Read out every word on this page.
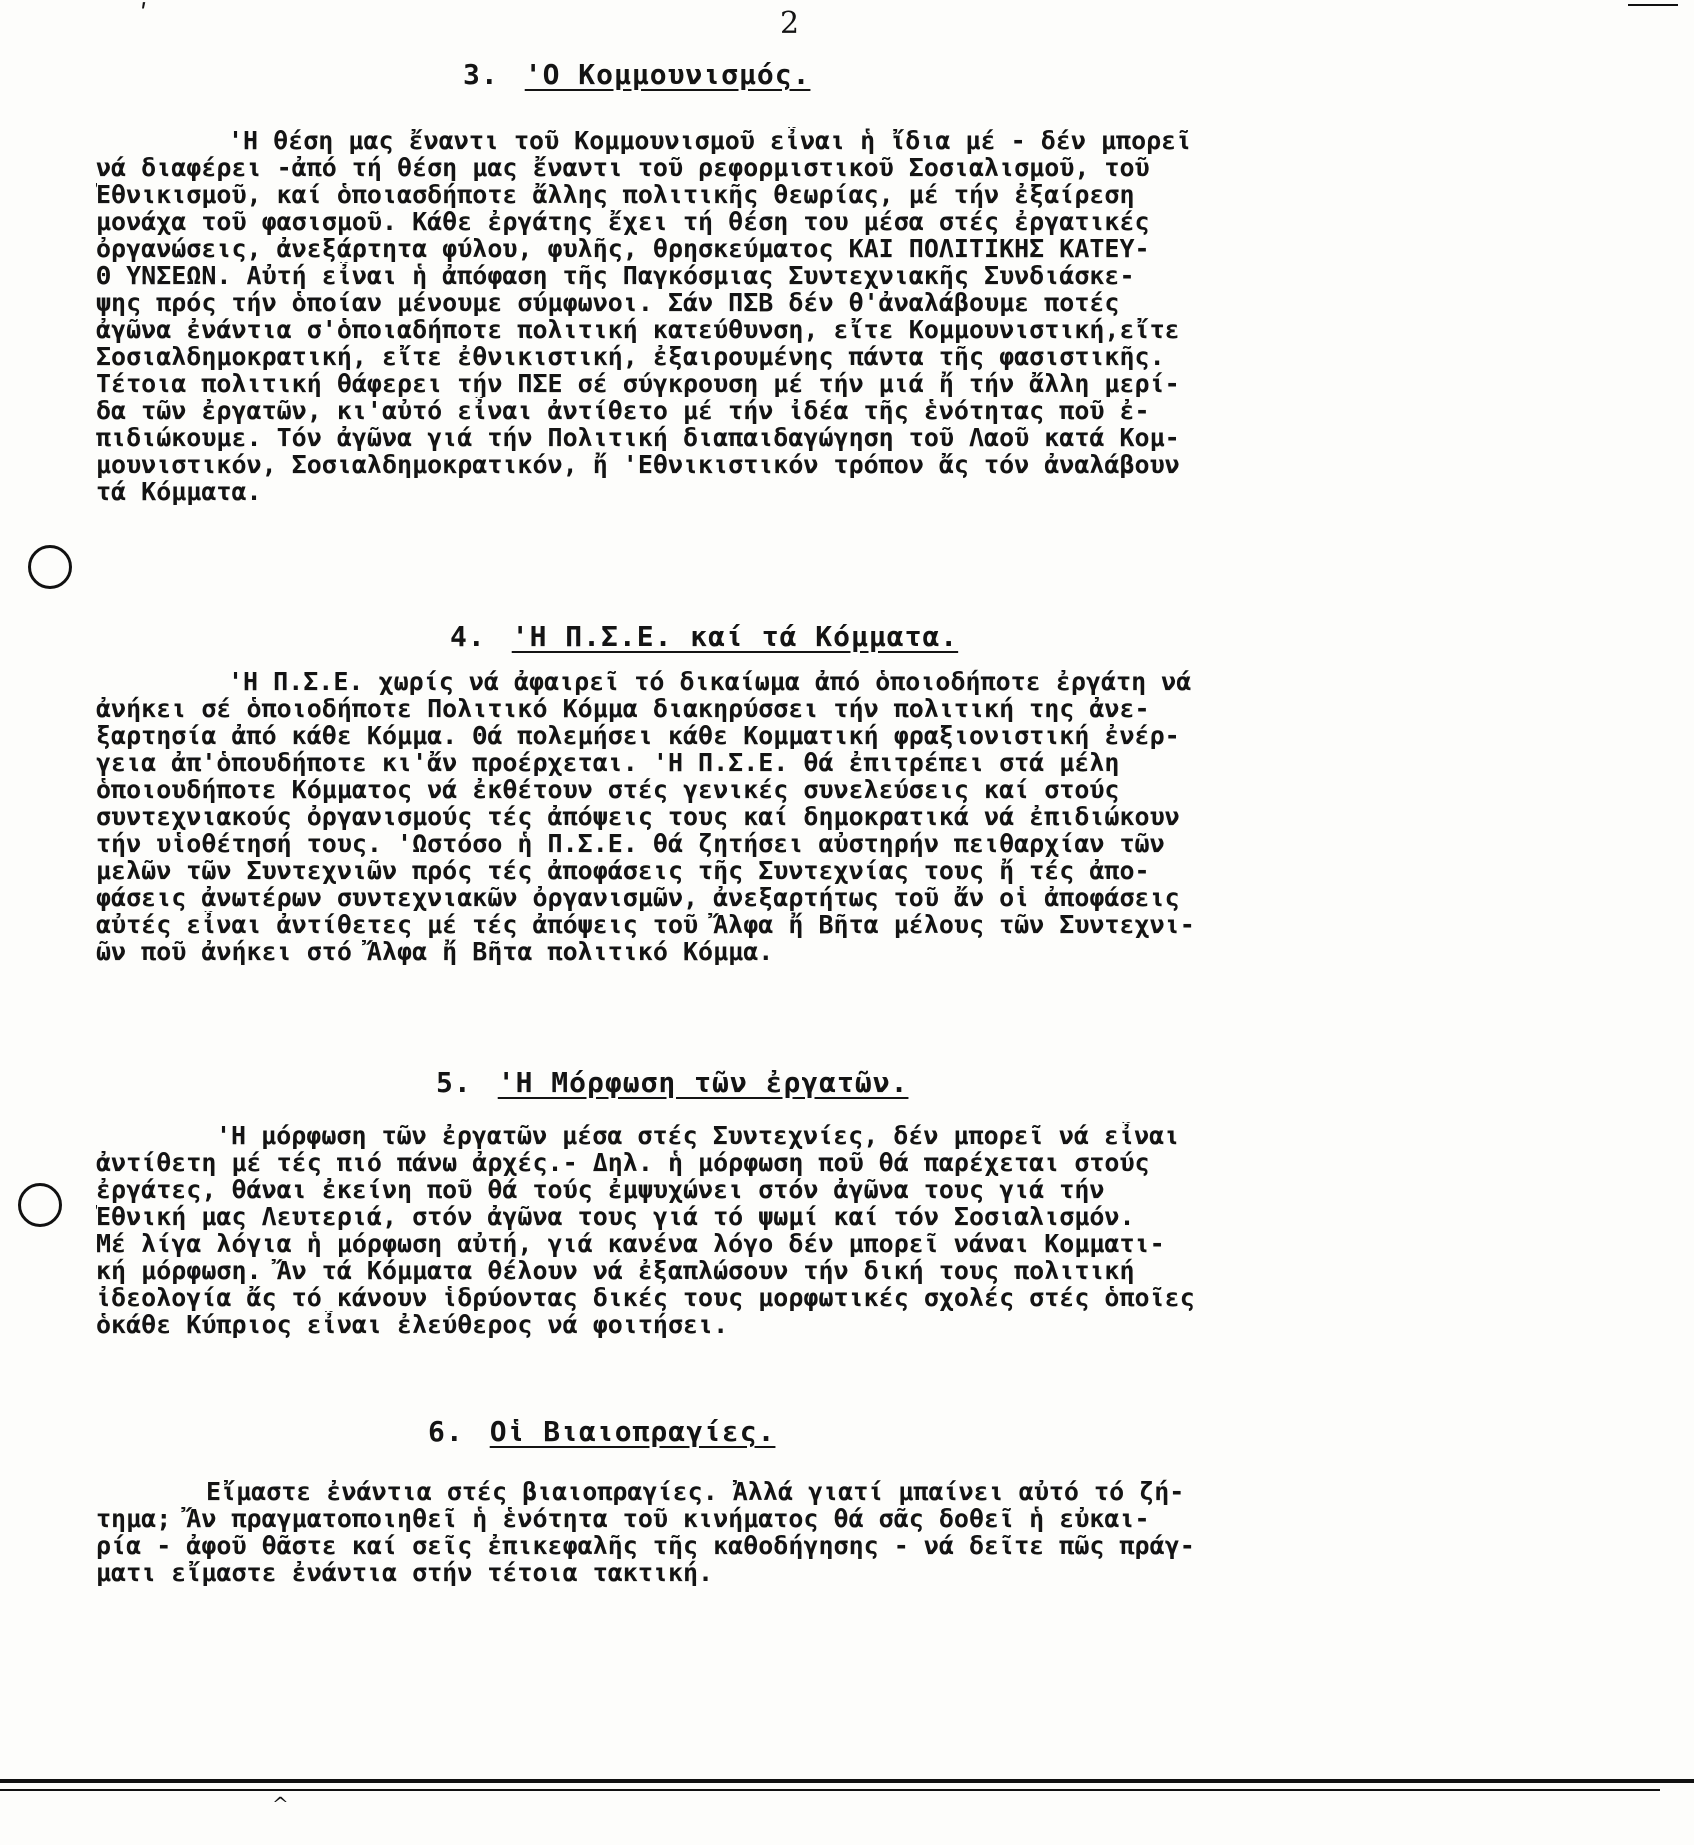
2
ʹ
3. 'Ο Κομμουνισμός.
'Η θέση μας ἔναντι τοῦ Κομμουνισμοῦ εἶναι ἡ ἴδια μέ - δέν μπορεῖ
νά διαφέρει -ἀπό τή θέση μας ἔναντι τοῦ ρεφορμιστικοῦ Σοσιαλισμοῦ, τοῦ
Ἐθνικισμοῦ, καί ὁποιασδήποτε ἄλλης πολιτικῆς θεωρίας, μέ τήν ἐξαίρεση
μονάχα τοῦ φασισμοῦ. Κάθε ἐργάτης ἔχει τή θέση του μέσα στές ἐργατικές
ὀργανώσεις, ἀνεξάρτητα φύλου, φυλῆς, θρησκεύματος ΚΑΙ ΠΟΛΙΤΙΚΗΣ ΚΑΤΕΥ-
Θ ΥΝΣΕΩΝ. Αὐτή εἶναι ἡ ἀπόφαση τῆς Παγκόσμιας Συντεχνιακῆς Συνδιάσκε-
ψης πρός τήν ὁποίαν μένουμε σύμφωνοι. Σάν ΠΣΒ δέν θ'ἀναλάβουμε ποτές
ἀγῶνα ἐνάντια σ'ὁποιαδήποτε πολιτική κατεύθυνση, εἴτε Κομμουνιστική,εἴτε
Σοσιαλδημοκρατική, εἴτε ἐθνικιστική, ἐξαιρουμένης πάντα τῆς φασιστικῆς.
Τέτοια πολιτική θάφερει τήν ΠΣΕ σέ σύγκρουση μέ τήν μιά ἤ τήν ἄλλη μερί-
δα τῶν ἐργατῶν, κι'αὐτό εἶναι ἀντίθετο μέ τήν ἰδέα τῆς ἑνότητας ποῦ ἐ-
πιδιώκουμε. Τόν ἀγῶνα γιά τήν Πολιτική διαπαιδαγώγηση τοῦ Λαοῦ κατά Κομ-
μουνιστικόν, Σοσιαλδημοκρατικόν, ἤ 'Εθνικιστικόν τρόπον ἄς τόν ἀναλάβουν
τά Κόμματα.
4. 'Η Π.Σ.Ε. καί τά Κόμματα.
'Η Π.Σ.Ε. χωρίς νά ἀφαιρεῖ τό δικαίωμα ἀπό ὁποιοδήποτε ἐργάτη νά
ἀνήκει σέ ὁποιοδήποτε Πολιτικό Κόμμα διακηρύσσει τήν πολιτική της ἀνε-
ξαρτησία ἀπό κάθε Κόμμα. Θά πολεμήσει κάθε Κομματική φραξιονιστική ἐνέρ-
γεια ἀπ'ὁπουδήποτε κι'ἄν προέρχεται. 'Η Π.Σ.Ε. θά ἐπιτρέπει στά μέλη
ὁποιουδήποτε Κόμματος νά ἐκθέτουν στές γενικές συνελεύσεις καί στούς
συντεχνιακούς ὀργανισμούς τές ἀπόψεις τους καί δημοκρατικά νά ἐπιδιώκουν
τήν υἱοθέτησή τους. 'Ωστόσο ἡ Π.Σ.Ε. θά ζητήσει αὐστηρήν πειθαρχίαν τῶν
μελῶν τῶν Συντεχνιῶν πρός τές ἀποφάσεις τῆς Συντεχνίας τους ἤ τές ἀπο-
φάσεις ἀνωτέρων συντεχνιακῶν ὀργανισμῶν, ἀνεξαρτήτως τοῦ ἄν οἱ ἀποφάσεις
αὐτές εἶναι ἀντίθετες μέ τές ἀπόψεις τοῦ Ἄλφα ἤ Βῆτα μέλους τῶν Συντεχνι-
ῶν ποῦ ἀνήκει στό Ἄλφα ἤ Βῆτα πολιτικό Κόμμα.
5. 'Η Μόρφωση τῶν ἐργατῶν.
'Η μόρφωση τῶν ἐργατῶν μέσα στές Συντεχνίες, δέν μπορεῖ νά εἶναι
ἀντίθετη μέ τές πιό πάνω ἀρχές.- Δηλ. ἡ μόρφωση ποῦ θά παρέχεται στούς
ἐργάτες, θάναι ἐκείνη ποῦ θά τούς ἐμψυχώνει στόν ἀγῶνα τους γιά τήν
Ἐθνική μας Λευτεριά, στόν ἀγῶνα τους γιά τό ψωμί καί τόν Σοσιαλισμόν.
Μέ λίγα λόγια ἡ μόρφωση αὐτή, γιά κανένα λόγο δέν μπορεῖ νάναι Κομματι-
κή μόρφωση. Ἄν τά Κόμματα θέλουν νά ἐξαπλώσουν τήν δική τους πολιτική
ἰδεολογία ἄς τό κάνουν ἱδρύοντας δικές τους μορφωτικές σχολές στές ὁποῖες
ὁκάθε Κύπριος εἶναι ἐλεύθερος νά φοιτήσει.
6. Οἱ Βιαιοπραγίες.
Εἴμαστε ἐνάντια στές βιαιοπραγίες. Ἀλλά γιατί μπαίνει αὐτό τό ζή-
τημα; Ἄν πραγματοποιηθεῖ ἡ ἑνότητα τοῦ κινήματος θά σᾶς δοθεῖ ἡ εὐκαι-
ρία - ἀφοῦ θᾶστε καί σεῖς ἐπικεφαλῆς τῆς καθοδήγησης - νά δεῖτε πῶς πράγ-
ματι εἴμαστε ἐνάντια στήν τέτοια τακτική.
^
